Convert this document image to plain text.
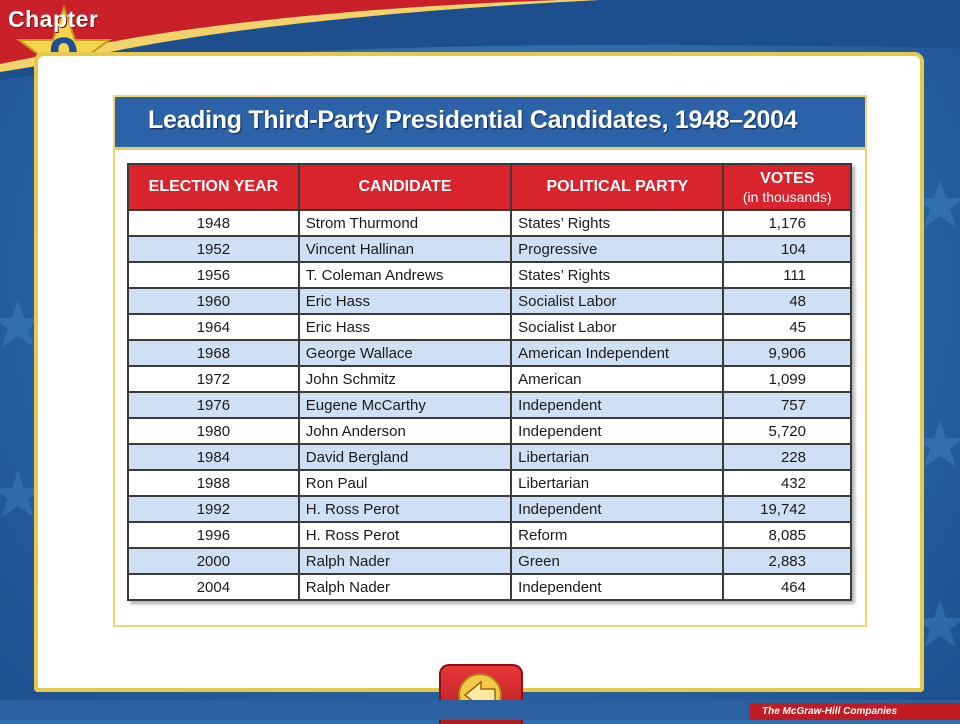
Chapter
Leading Third-Party Presidential Candidates, 1948–2004
ELECTION YEAR	CANDIDATE	POLITICAL PARTY	VOTES
(in thousands)

1948	Strom Thurmond	States’ Rights	1,176
1952	Vincent Hallinan	Progressive	104
1956	T. Coleman Andrews	States’ Rights	111
1960	Eric Hass	Socialist Labor	48
1964	Eric Hass	Socialist Labor	45
1968	George Wallace	American Independent	9,906
1972	John Schmitz	American	1,099
1976	Eugene McCarthy	Independent	757
1980	John Anderson	Independent	5,720
1984	David Bergland	Libertarian	228
1988	Ron Paul	Libertarian	432
1992	H. Ross Perot	Independent	19,742
1996	H. Ross Perot	Reform	8,085
2000	Ralph Nader	Green	2,883
2004	Ralph Nader	Independent	464
The McGraw-Hill Companies
